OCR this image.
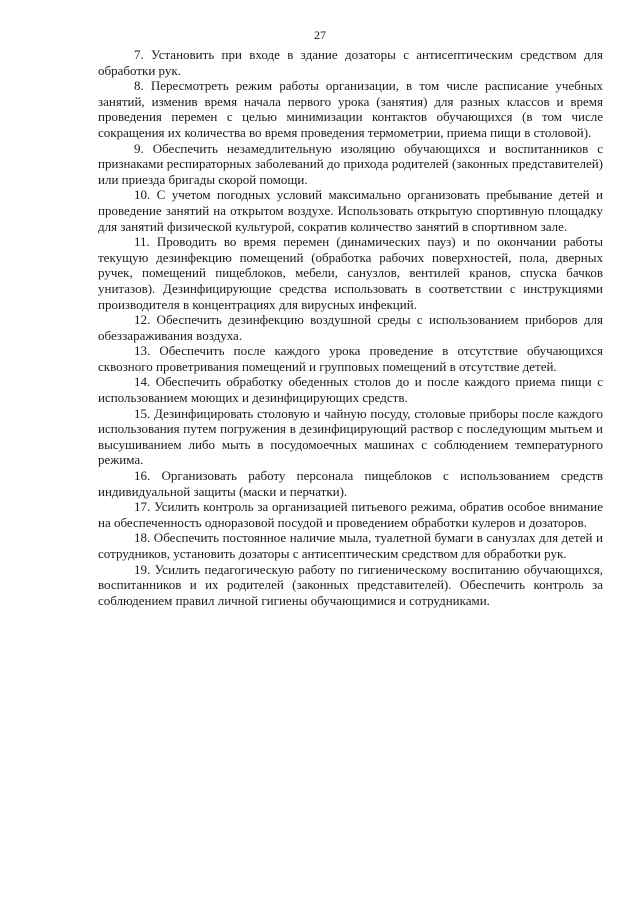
27

7. Установить при входе в здание дозаторы с антисептическим средством для обработки рук.

8. Пересмотреть режим работы организации, в том числе расписание учебных занятий, изменив время начала первого урока (занятия) для разных классов и время проведения перемен с целью минимизации контактов обучающихся (в том числе сокращения их количества во время проведения термометрии, приема пищи в столовой).

9. Обеспечить незамедлительную изоляцию обучающихся и воспитанников с признаками респираторных заболеваний до прихода родителей (законных представителей) или приезда бригады скорой помощи.

10. С учетом погодных условий максимально организовать пребывание детей и проведение занятий на открытом воздухе. Использовать открытую спортивную площадку для занятий физической культурой, сократив количество занятий в спортивном зале.

11. Проводить во время перемен (динамических пауз) и по окончании работы текущую дезинфекцию помещений (обработка рабочих поверхностей, пола, дверных ручек, помещений пищеблоков, мебели, санузлов, вентилей кранов, спуска бачков унитазов). Дезинфицирующие средства использовать в соответствии с инструкциями производителя в концентрациях для вирусных инфекций.

12. Обеспечить дезинфекцию воздушной среды с использованием приборов для обеззараживания воздуха.

13. Обеспечить после каждого урока проведение в отсутствие обучающихся сквозного проветривания помещений и групповых помещений в отсутствие детей.

14. Обеспечить обработку обеденных столов до и после каждого приема пищи с использованием моющих и дезинфицирующих средств.

15. Дезинфицировать столовую и чайную посуду, столовые приборы после каждого использования путем погружения в дезинфицирующий раствор с последующим мытьем и высушиванием либо мыть в посудомоечных машинах с соблюдением температурного режима.

16. Организовать работу персонала пищеблоков с использованием средств индивидуальной защиты (маски и перчатки).

17. Усилить контроль за организацией питьевого режима, обратив особое внимание на обеспеченность одноразовой посудой и проведением обработки кулеров и дозаторов.

18. Обеспечить постоянное наличие мыла, туалетной бумаги в санузлах для детей и сотрудников, установить дозаторы с антисептическим средством для обработки рук.

19. Усилить педагогическую работу по гигиеническому воспитанию обучающихся, воспитанников и их родителей (законных представителей). Обеспечить контроль за соблюдением правил личной гигиены обучающимися и сотрудниками.
